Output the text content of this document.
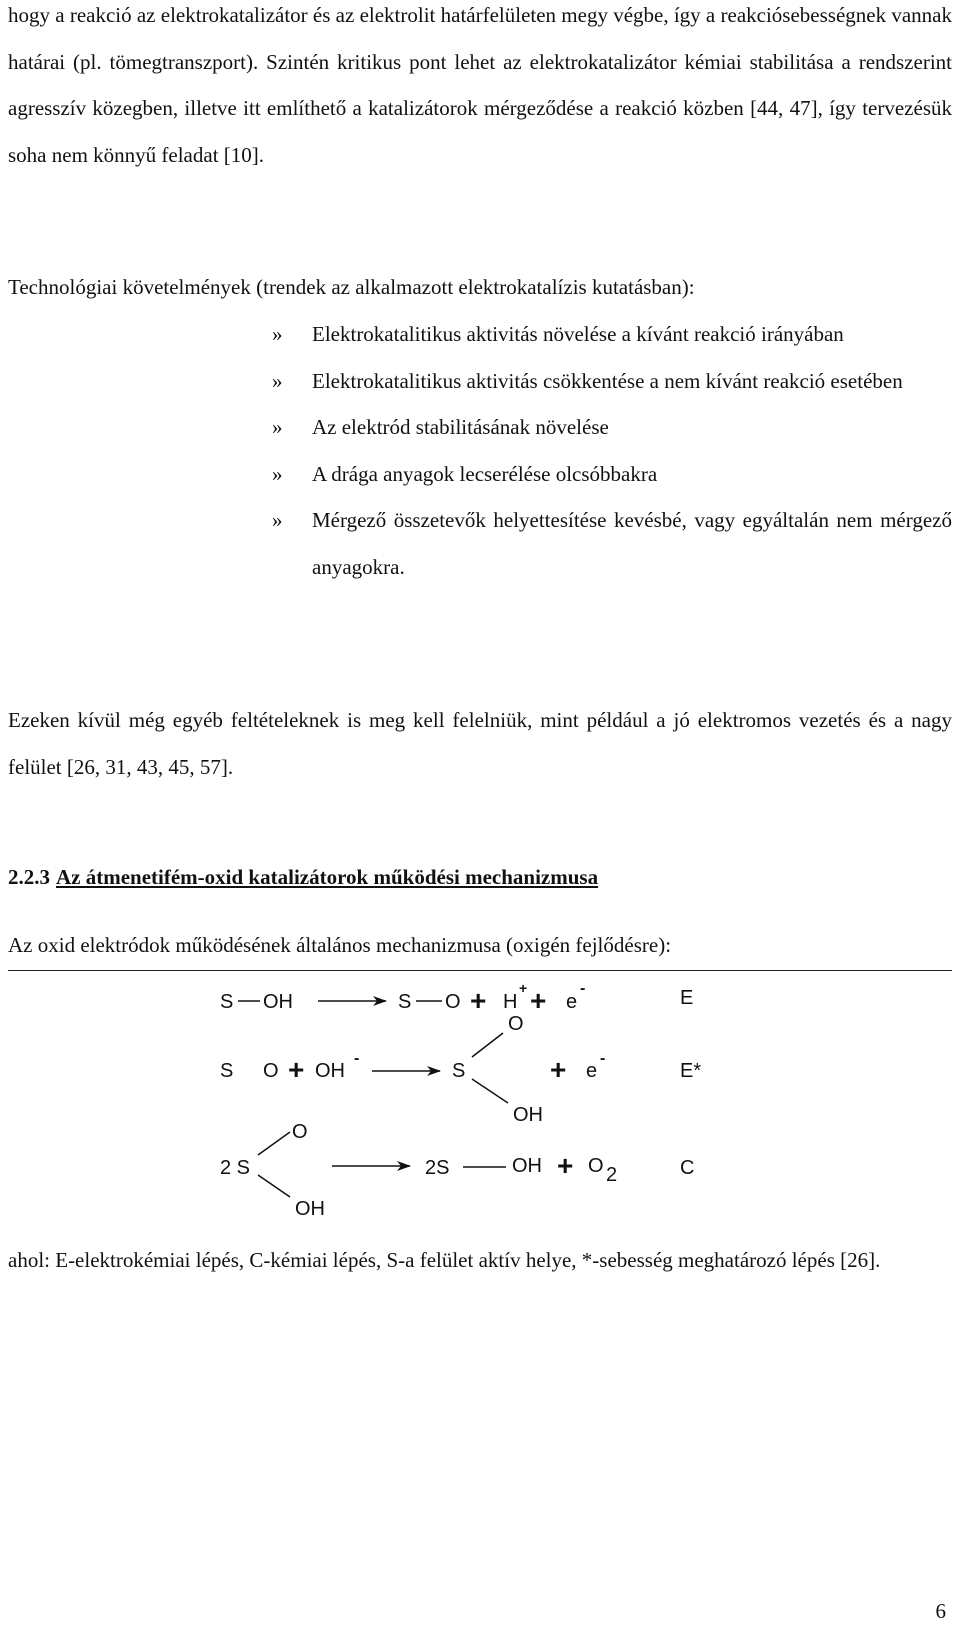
hogy a reakció az elektrokatalizátor és az elektrolit határfelületen megy végbe, így a reakciósebességnek vannak határai (pl. tömegtranszport). Szintén kritikus pont lehet az elektrokatalizátor kémiai stabilitása a rendszerint agresszív közegben, illetve itt említhető a katalizátorok mérgeződése a reakció közben [44, 47], így tervezésük soha nem könnyű feladat [10].

Technológiai követelmények (trendek az alkalmazott elektrokatalízis kutatásban):

» Elektrokatalitikus aktivitás növelése a kívánt reakció irányában
» Elektrokatalitikus aktivitás csökkentése a nem kívánt reakció esetében
» Az elektród stabilitásának növelése
» A drága anyagok lecserélése olcsóbbakra
» Mérgező összetevők helyettesítése kevésbé, vagy egyáltalán nem mérgező anyagokra.

Ezeken kívül még egyéb feltételeknek is meg kell felelniük, mint például a jó elektromos vezetés és a nagy felület [26, 31, 43, 45, 57].

2.2.3 Az átmenetifém-oxid katalizátorok működési mechanizmusa

Az oxid elektródok működésének általános mechanizmusa (oxigén fejlődésre):

S OH	S O + H
+ + e
-	E
S O + OH
-
S
O
OH
+ e
-
E*
O
2 S
OH
2S	OH + O 2	C

ahol: E-elektrokémiai lépés, C-kémiai lépés, S-a felület aktív helye, *-sebesség meghatározó lépés [26].

6
